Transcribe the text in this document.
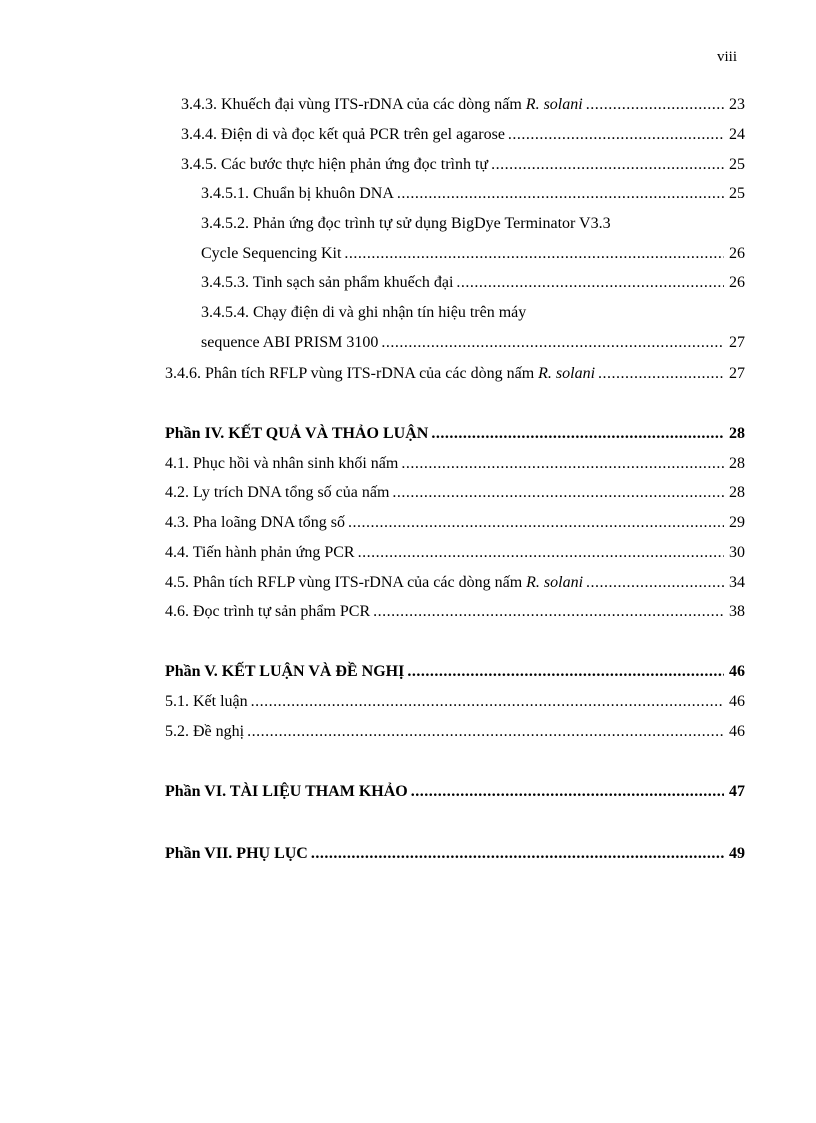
viii
3.4.3. Khuếch đại vùng ITS-rDNA của các dòng nấm R. solani .....	23
3.4.4. Điện di và đọc kết quả PCR trên gel agarose .....	24
3.4.5. Các bước thực hiện phản ứng đọc trình tự .....	25
3.4.5.1. Chuẩn bị khuôn DNA .....	25
3.4.5.2. Phản ứng đọc trình tự sử dụng BigDye Terminator V3.3
Cycle Sequencing Kit .....	26
3.4.5.3. Tinh sạch sản phẩm khuếch đại .....	26
3.4.5.4. Chạy điện di và ghi nhận tín hiệu trên máy
sequence ABI PRISM 3100 .....	27
3.4.6. Phân tích RFLP vùng ITS-rDNA của các dòng nấm R. solani .....	27
Phần IV. KẾT QUẢ VÀ THẢO LUẬN .....	28
4.1. Phục hồi và nhân sinh khối nấm .....	28
4.2. Ly trích DNA tổng số của nấm .....	28
4.3. Pha loãng DNA tổng số .....	29
4.4. Tiến hành phản ứng PCR .....	30
4.5. Phân tích RFLP vùng ITS-rDNA của các dòng nấm R. solani .....	34
4.6. Đọc trình tự sản phẩm PCR .....	38
Phần V. KẾT LUẬN VÀ ĐỀ NGHỊ .....	46
5.1. Kết luận .....	46
5.2. Đề nghị .....	46
Phần VI. TÀI LIỆU THAM KHẢO .....	47
Phần VII. PHỤ LỤC .....	49
